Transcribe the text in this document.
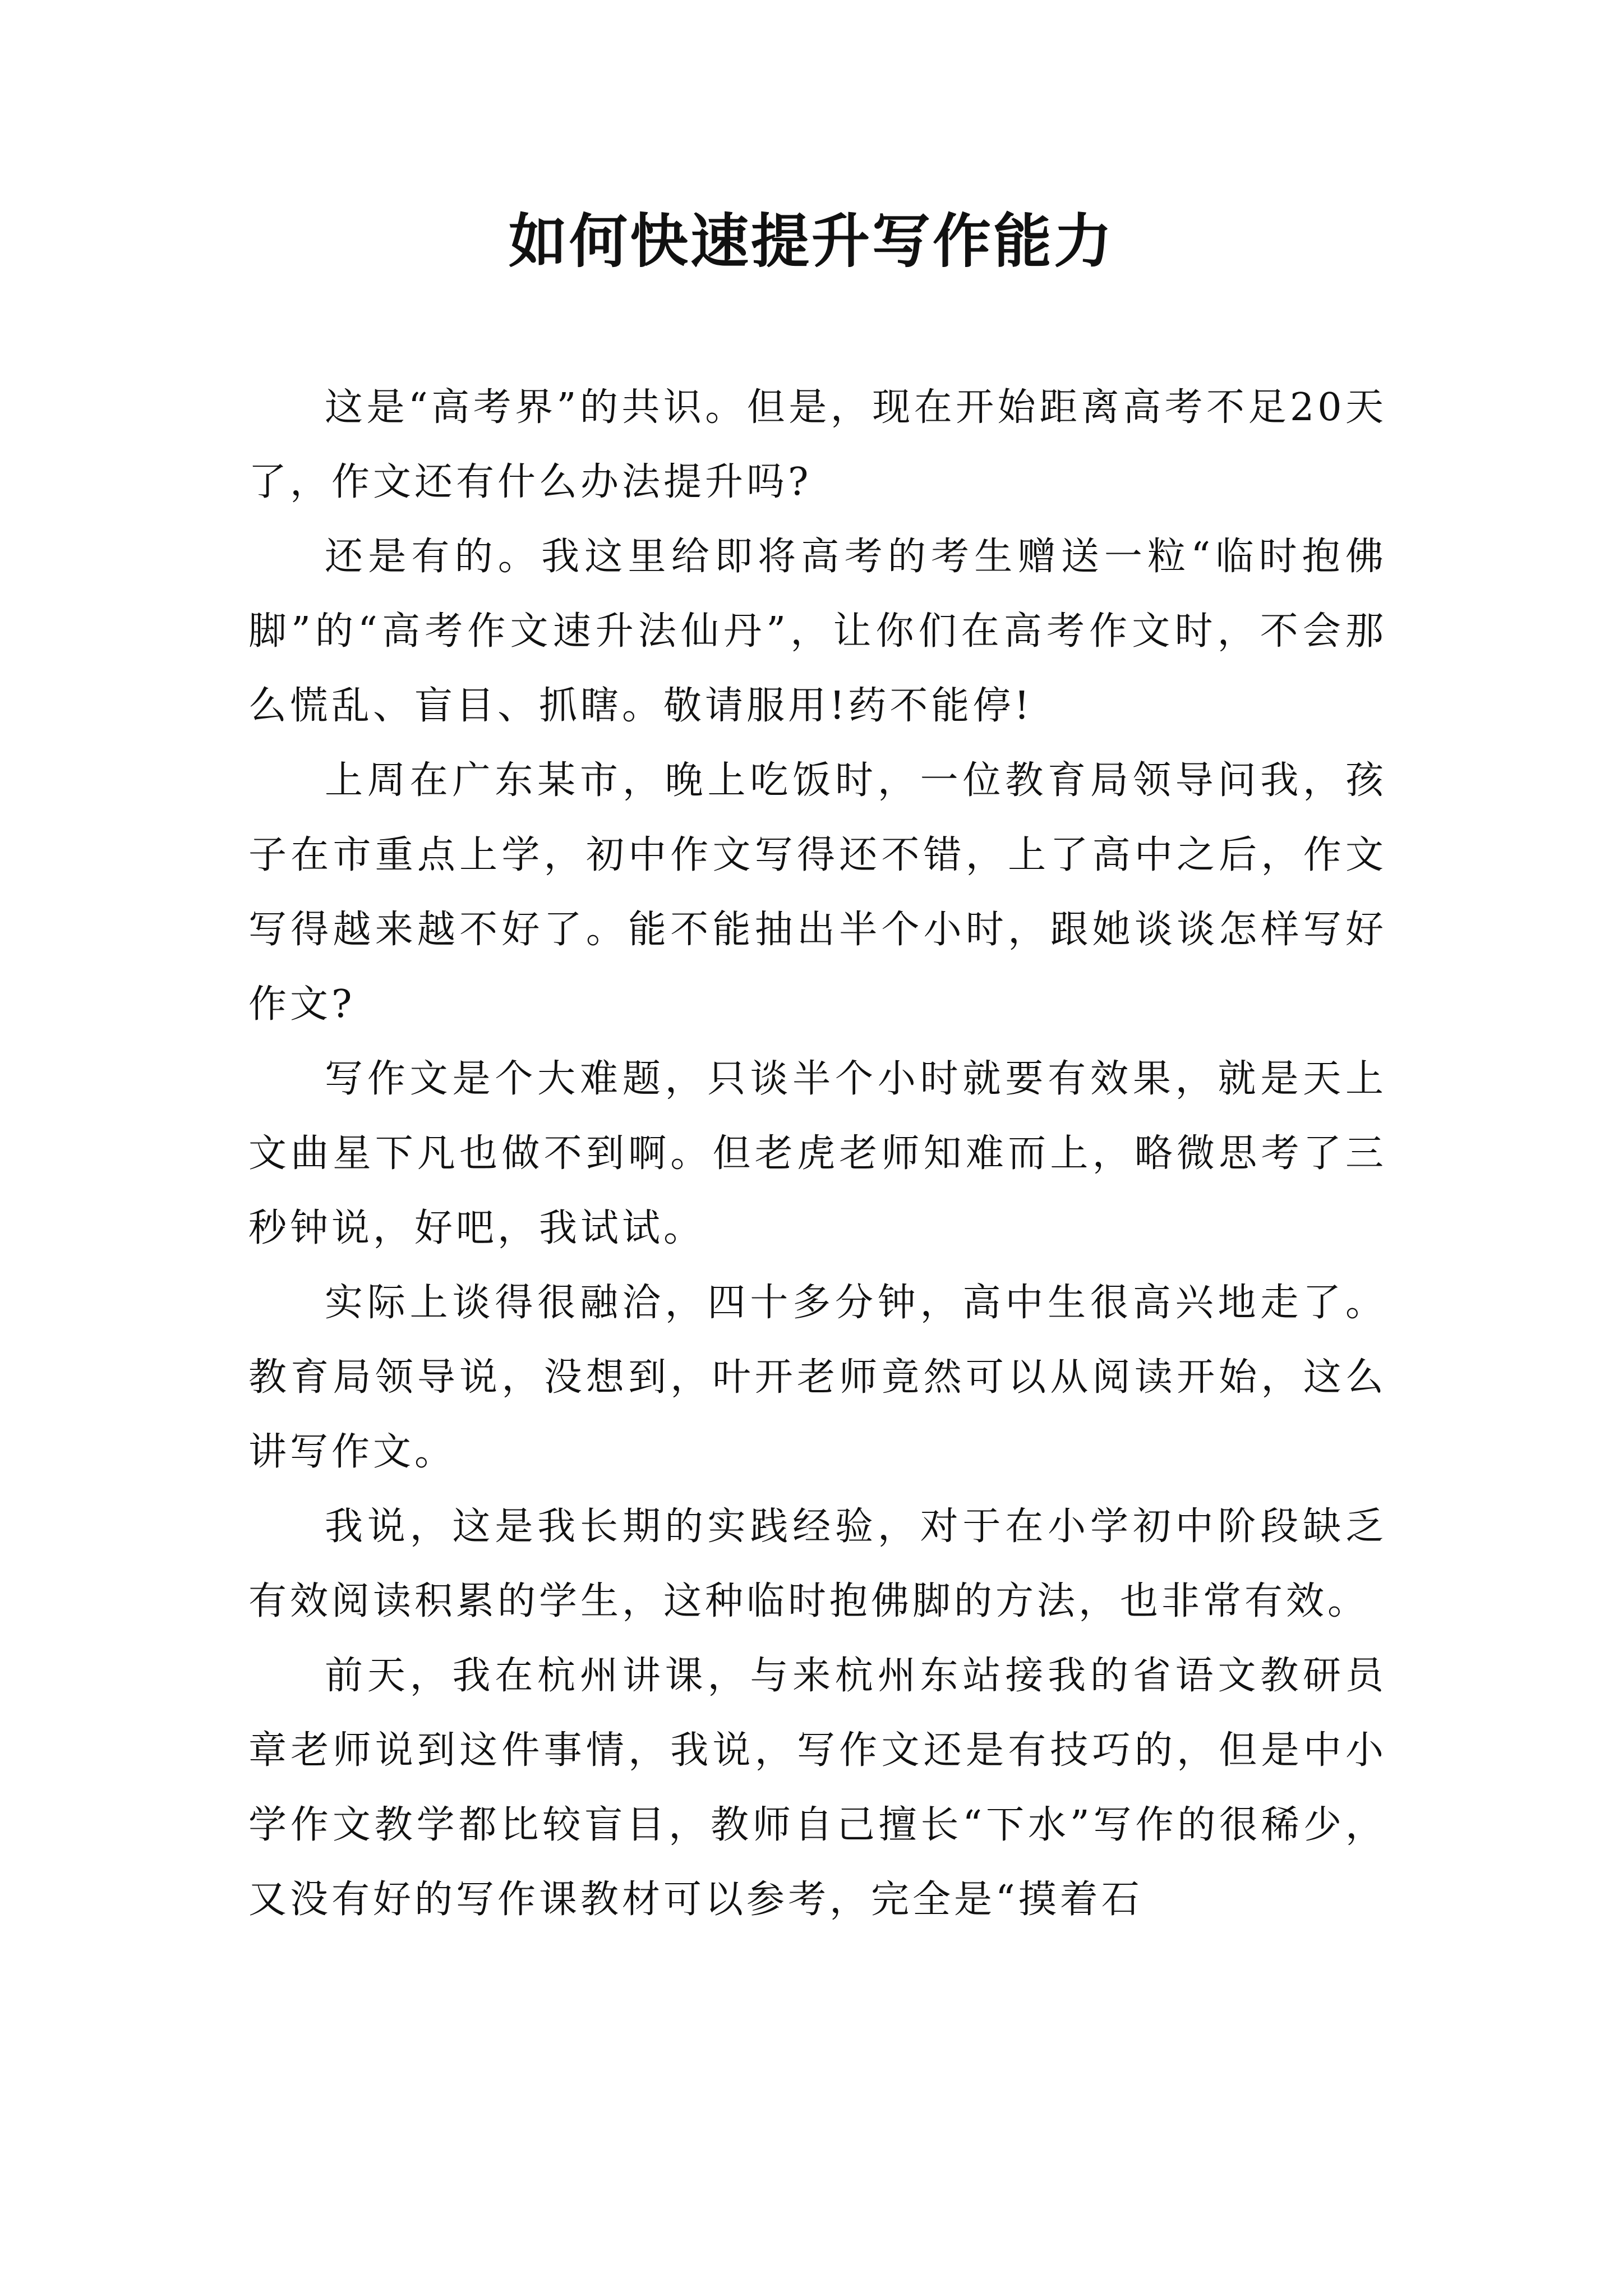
如何快速提升写作能力

这是“高考界”的共识。但是，现在开始距离高考不足20天了，作文还有什么办法提升吗?

还是有的。我这里给即将高考的考生赠送一粒“临时抱佛脚”的“高考作文速升法仙丹”，让你们在高考作文时，不会那么慌乱、盲目、抓瞎。敬请服用!药不能停!

上周在广东某市，晚上吃饭时，一位教育局领导问我，孩子在市重点上学，初中作文写得还不错，上了高中之后，作文写得越来越不好了。能不能抽出半个小时，跟她谈谈怎样写好作文?

写作文是个大难题，只谈半个小时就要有效果，就是天上文曲星下凡也做不到啊。但老虎老师知难而上，略微思考了三秒钟说，好吧，我试试。

实际上谈得很融洽，四十多分钟，高中生很高兴地走了。教育局领导说，没想到，叶开老师竟然可以从阅读开始，这么讲写作文。

我说，这是我长期的实践经验，对于在小学初中阶段缺乏有效阅读积累的学生，这种临时抱佛脚的方法，也非常有效。

前天，我在杭州讲课，与来杭州东站接我的省语文教研员章老师说到这件事情，我说，写作文还是有技巧的，但是中小学作文教学都比较盲目，教师自己擅长“下水”写作的很稀少，又没有好的写作课教材可以参考，完全是“摸着石
